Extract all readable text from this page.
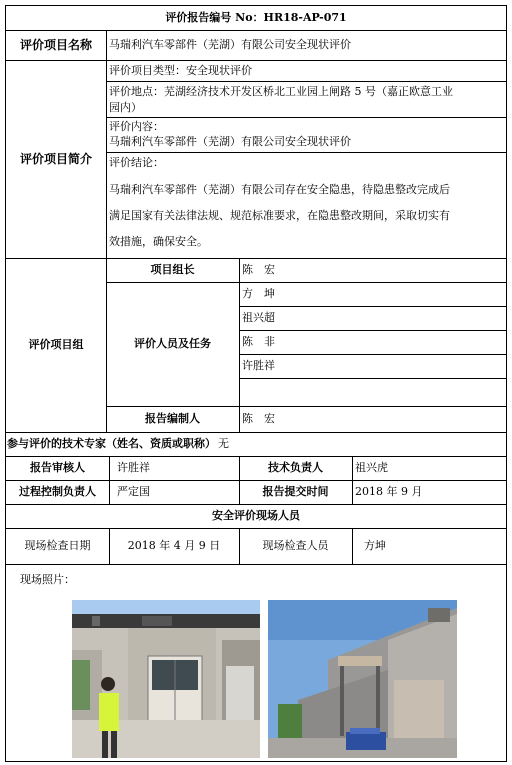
评价报告编号 No： HR18-AP-071
评价项目名称	马瑞利汽车零部件（芜湖）有限公司安全现状评价
评价项目简介
评价项目类型：安全现状评价
评价地点：芜湖经济技术开发区桥北工业园上闸路 5 号（嘉正欧意工业
园内）
评价内容：
马瑞利汽车零部件（芜湖）有限公司安全现状评价
评价结论：
马瑞利汽车零部件（芜湖）有限公司存在安全隐患，待隐患整改完成后
满足国家有关法律法规、规范标准要求，在隐患整改期间，采取切实有
效措施，确保安全。
评价项目组
项目组长	陈　宏
评价人员及任务
方　坤
祖兴超
陈　非
许胜祥
报告编制人	陈　宏
参与评价的技术专家（姓名、资质或职称） 无
报告审核人	许胜祥	技术负责人	祖兴虎
过程控制负责人	严定国	报告提交时间	2018 年 9 月
安全评价现场人员
现场检查日期	2018 年 4 月 9 日	现场检查人员	方坤
现场照片：
